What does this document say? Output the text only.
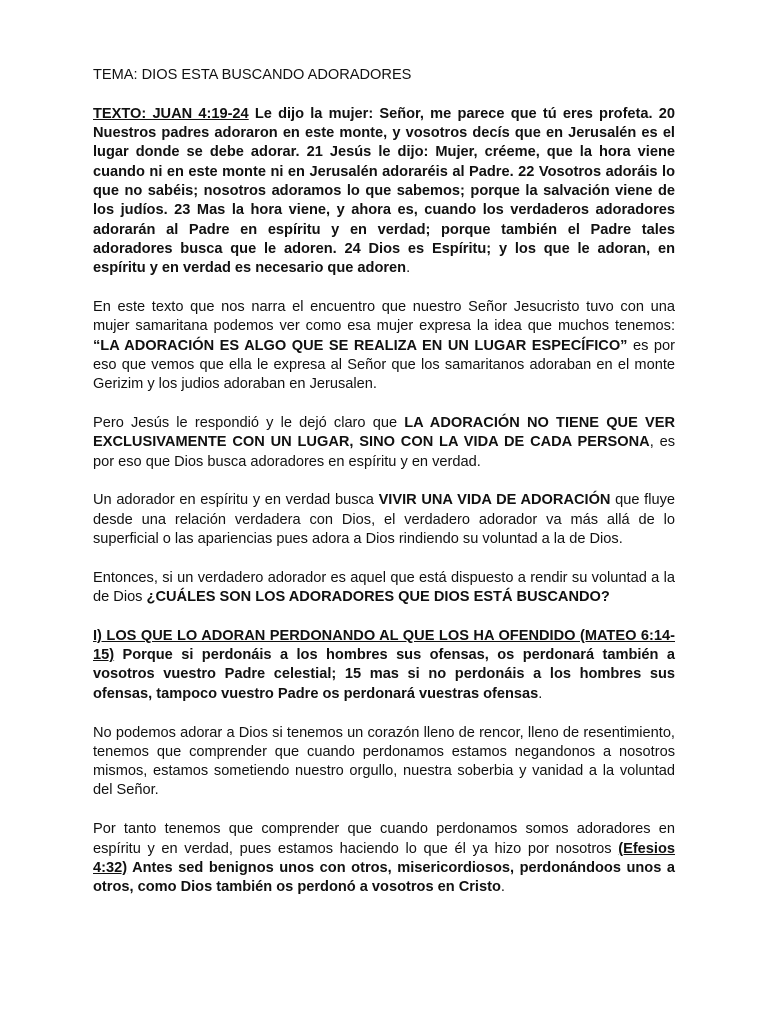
TEMA: DIOS ESTA BUSCANDO ADORADORES

TEXTO: JUAN 4:19-24 Le dijo la mujer: Señor, me parece que tú eres profeta. 20 Nuestros padres adoraron en este monte, y vosotros decís que en Jerusalén es el lugar donde se debe adorar. 21 Jesús le dijo: Mujer, créeme, que la hora viene cuando ni en este monte ni en Jerusalén adoraréis al Padre. 22 Vosotros adoráis lo que no sabéis; nosotros adoramos lo que sabemos; porque la salvación viene de los judíos. 23 Mas la hora viene, y ahora es, cuando los verdaderos adoradores adorarán al Padre en espíritu y en verdad; porque también el Padre tales adoradores busca que le adoren. 24 Dios es Espíritu; y los que le adoran, en espíritu y en verdad es necesario que adoren.

En este texto que nos narra el encuentro que nuestro Señor Jesucristo tuvo con una mujer samaritana podemos ver como esa mujer expresa la idea que muchos tenemos: “LA ADORACIÓN ES ALGO QUE SE REALIZA EN UN LUGAR ESPECÍFICO” es por eso que vemos que ella le expresa al Señor que los samaritanos adoraban en el monte Gerizim y los judios adoraban en Jerusalen.

Pero Jesús le respondió y le dejó claro que LA ADORACIÓN NO TIENE QUE VER EXCLUSIVAMENTE CON UN LUGAR, SINO CON LA VIDA DE CADA PERSONA, es por eso que Dios busca adoradores en espíritu y en verdad.

Un adorador en espíritu y en verdad busca VIVIR UNA VIDA DE ADORACIÓN que fluye desde una relación verdadera con Dios, el verdadero adorador va más allá de lo superficial o las apariencias pues adora a Dios rindiendo su voluntad a la de Dios.

Entonces, si un verdadero adorador es aquel que está dispuesto a rendir su voluntad a la de Dios ¿CUÁLES SON LOS ADORADORES QUE DIOS ESTÁ BUSCANDO?

I) LOS QUE LO ADORAN PERDONANDO AL QUE LOS HA OFENDIDO (MATEO 6:14-15) Porque si perdonáis a los hombres sus ofensas, os perdonará también a vosotros vuestro Padre celestial; 15 mas si no perdonáis a los hombres sus ofensas, tampoco vuestro Padre os perdonará vuestras ofensas.

No podemos adorar a Dios si tenemos un corazón lleno de rencor, lleno de resentimiento, tenemos que comprender que cuando perdonamos estamos negandonos a nosotros mismos, estamos sometiendo nuestro orgullo, nuestra soberbia y vanidad a la voluntad del Señor.

Por tanto tenemos que comprender que cuando perdonamos somos adoradores en espíritu y en verdad, pues estamos haciendo lo que él ya hizo por nosotros (Efesios 4:32) Antes sed benignos unos con otros, misericordiosos, perdonándoos unos a otros, como Dios también os perdonó a vosotros en Cristo.
